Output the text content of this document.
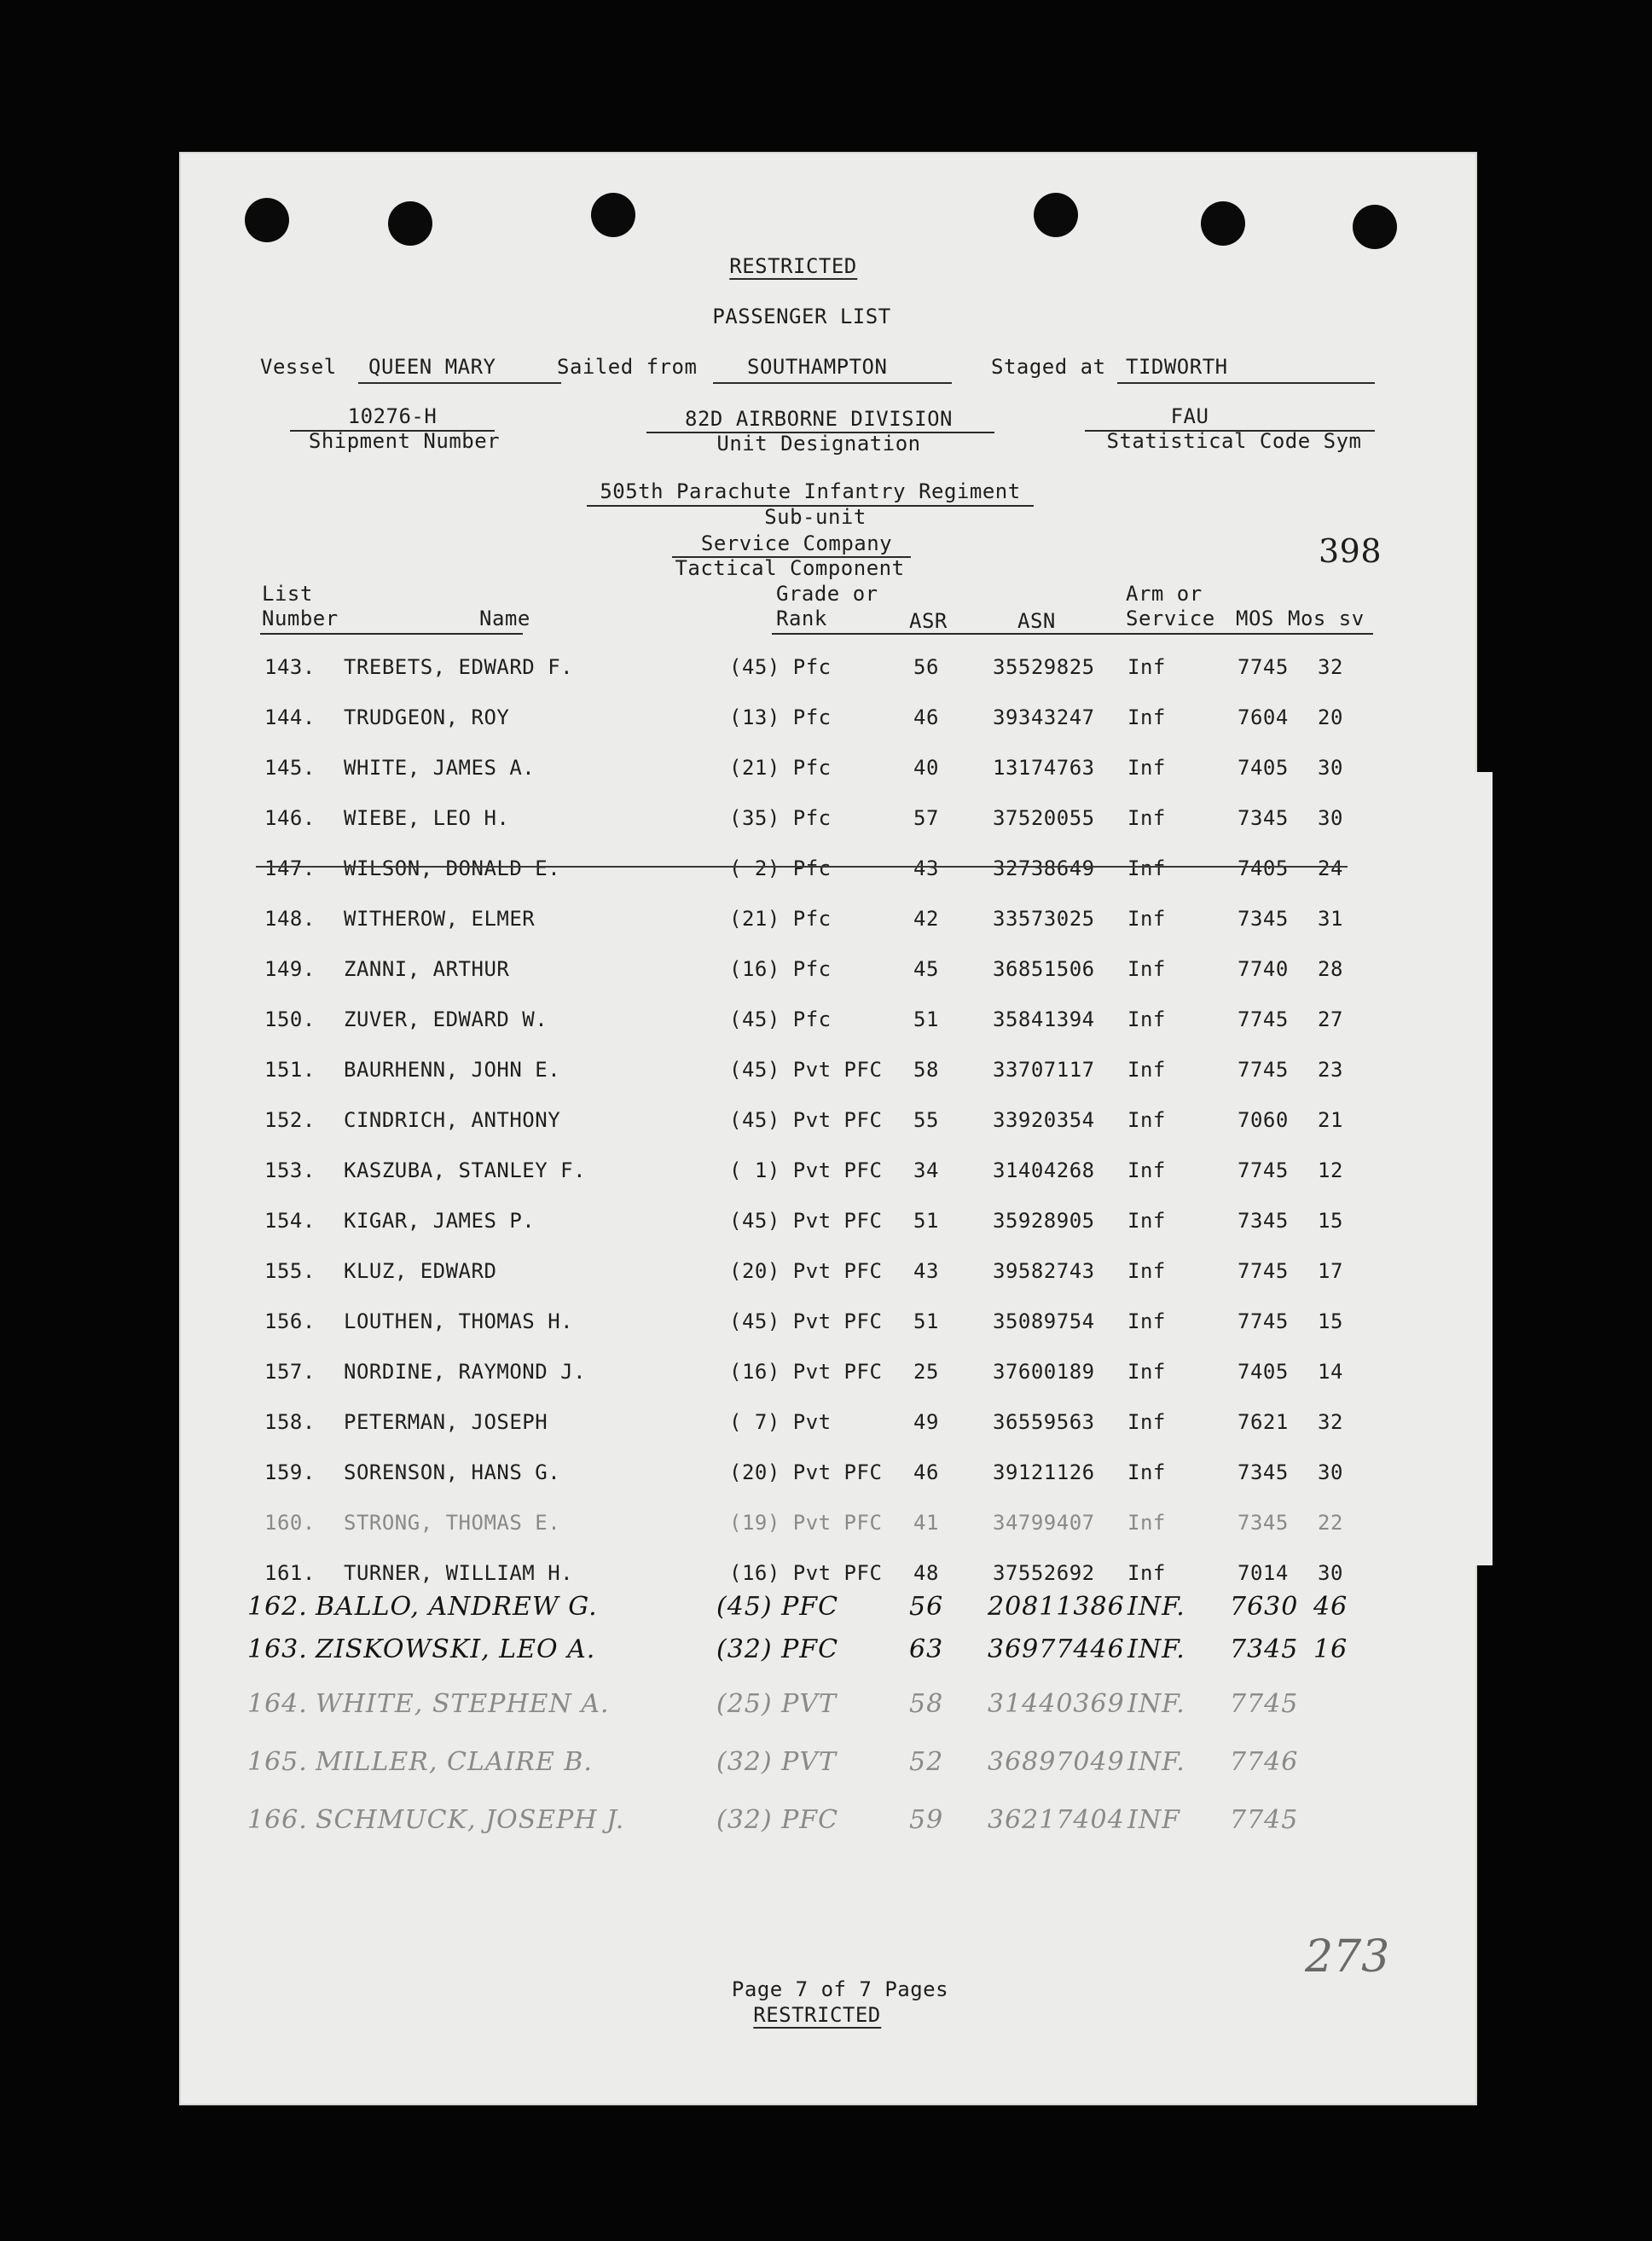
RESTRICTED
PASSENGER LIST
Vessel QUEEN MARY	Sailed from SOUTHAMPTON	Staged at TIDWORTH
10276-H
Shipment Number
82D AIRBORNE DIVISION
Unit Designation
FAU
Statistical Code Sym
505th Parachute Infantry Regiment
Sub-unit
Service Company
Tactical Component	398
List
Number	Name
Grade or
Rank	ASR	ASN
Arm or
Service MOS Mos sv
143. TREBETS, EDWARD F.	(45) Pfc	56	35529825 Inf	7745 32
144. TRUDGEON, ROY	(13) Pfc	46	39343247 Inf	7604 20
145. WHITE, JAMES A.	(21) Pfc	40	13174763 Inf	7405 30
146. WIEBE, LEO H.	(35) Pfc	57	37520055 Inf	7345 30
147. WILSON, DONALD E.	( 2) Pfc	43	32738649 Inf	7405 24
148. WITHEROW, ELMER	(21) Pfc	42	33573025 Inf	7345 31
149. ZANNI, ARTHUR	(16) Pfc	45	36851506 Inf	7740 28
150. ZUVER, EDWARD W.	(45) Pfc	51	35841394 Inf	7745 27
151. BAURHENN, JOHN E.	(45) Pvt PFC 58	33707117 Inf	7745 23
152. CINDRICH, ANTHONY	(45) Pvt PFC 55	33920354 Inf	7060 21
153. KASZUBA, STANLEY F.	( 1) Pvt PFC 34	31404268 Inf	7745 12
154. KIGAR, JAMES P.	(45) Pvt PFC 51	35928905 Inf	7345 15
155. KLUZ, EDWARD	(20) Pvt PFC 43	39582743 Inf	7745 17
156. LOUTHEN, THOMAS H.	(45) Pvt PFC 51	35089754 Inf	7745 15
157. NORDINE, RAYMOND J.	(16) Pvt PFC 25	37600189 Inf	7405 14
158. PETERMAN, JOSEPH	( 7) Pvt	49	36559563 Inf	7621 32
159. SORENSON, HANS G.	(20) Pvt PFC 46	39121126 Inf	7345 30
160. STRONG, THOMAS E.	(19) Pvt PFC 41	34799407 Inf	7345 22
161. TURNER, WILLIAM H.	(16) Pvt PFC 48	37552692 Inf	7014 30
162. BALLO, ANDREW G.	(45) PFC	56 20811386 INF. 7630 46
163. ZISKOWSKI, LEO A.	(32) PFC	63 36977446 INF. 7345 16
164. WHITE, STEPHEN A.	(25) PVT	58 31440369 INF. 7745
165. MILLER, CLAIRE B.	(32) PVT	52 36897049 INF. 7746
166. SCHMUCK, JOSEPH J.	(32) PFC	59 36217404 INF 7745
Page 7 of 7 Pages
RESTRICTED
273
